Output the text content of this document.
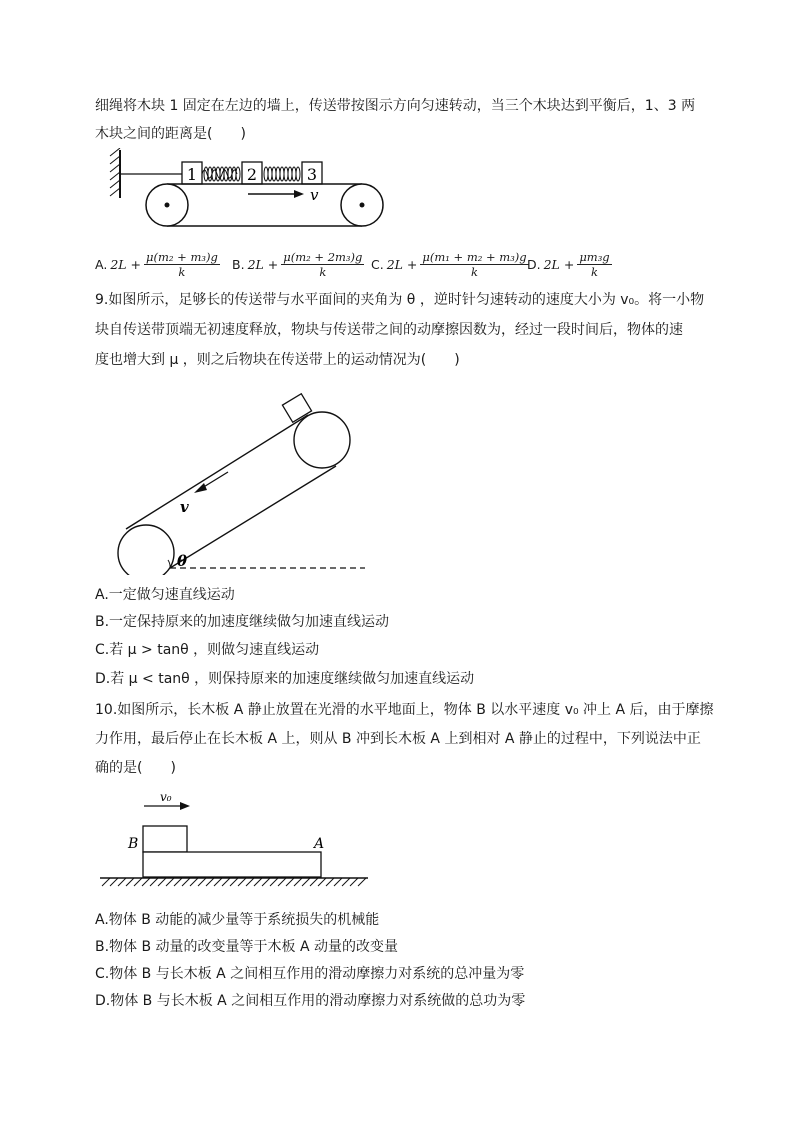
细绳将木块 1 固定在左边的墙上，传送带按图示方向匀速转动，当三个木块达到平衡后，1、3 两
木块之间的距离是(　　)
1	2	3
v
A. $2L + \frac{\text{μ(m₂ + m₃)g}}{k} B$. $2L + \frac{\text{μ(m₂ + 2m₃)g}}{k} C$. $2L + \frac{\text{μ(m₁ + m₂ + m₃)g}}{k}$
D. $2L + \frac{\text{μm₃g}}{k}$
9.如图所示，足够长的传送带与水平面间的夹角为 θ ，逆时针匀速转动的速度大小为 v₀。将一小物
块自传送带顶端无初速度释放，物块与传送带之间的动摩擦因数为，经过一段时间后，物体的速
度也增大到 μ ，则之后物块在传送带上的运动情况为(　　)
v
θ
A.一定做匀速直线运动
B.一定保持原来的加速度继续做匀加速直线运动
C.若 μ > tanθ ，则做匀速直线运动
D.若 μ < tanθ ，则保持原来的加速度继续做匀加速直线运动
10.如图所示，长木板 A 静止放置在光滑的水平地面上，物体 B 以水平速度 v₀ 冲上 A 后，由于摩擦
力作用，最后停止在长木板 A 上，则从 B 冲到长木板 A 上到相对 A 静止的过程中，下列说法中正
确的是(　　)
v₀
B	A
A.物体 B 动能的减少量等于系统损失的机械能
B.物体 B 动量的改变量等于木板 A 动量的改变量
C.物体 B 与长木板 A 之间相互作用的滑动摩擦力对系统的总冲量为零
D.物体 B 与长木板 A 之间相互作用的滑动摩擦力对系统做的总功为零
